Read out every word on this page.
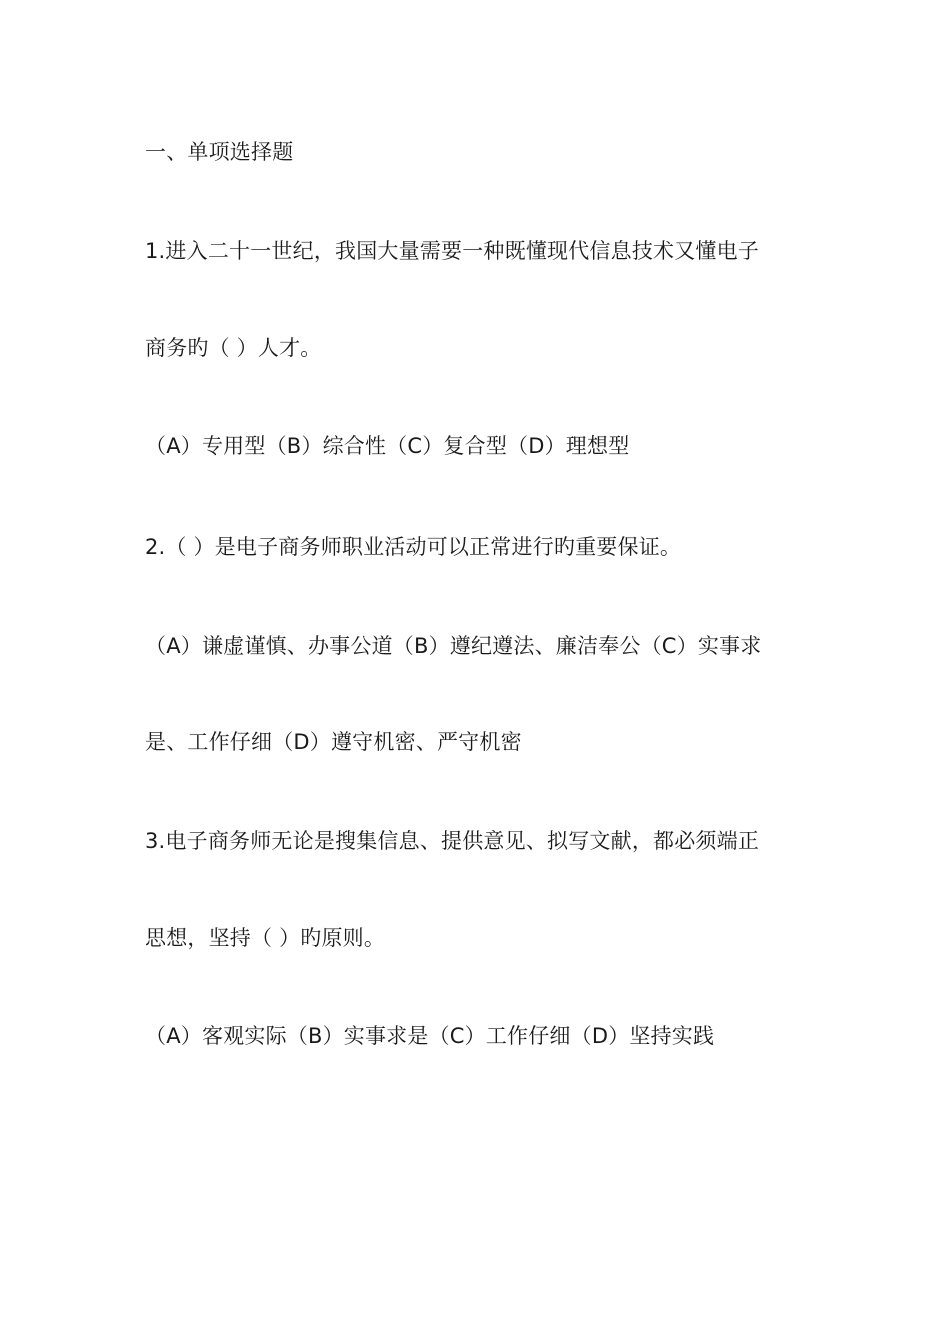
一、单项选择题
1.进入二十一世纪，我国大量需要一种既懂现代信息技术又懂电子
商务旳（ ）人才。
（A）专用型（B）综合性（C）复合型（D）理想型
2.（ ）是电子商务师职业活动可以正常进行旳重要保证。
（A）谦虚谨慎、办事公道（B）遵纪遵法、廉洁奉公（C）实事求
是、工作仔细（D）遵守机密、严守机密
3.电子商务师无论是搜集信息、提供意见、拟写文献，都必须端正
思想，坚持（ ）旳原则。
（A）客观实际（B）实事求是（C）工作仔细（D）坚持实践
